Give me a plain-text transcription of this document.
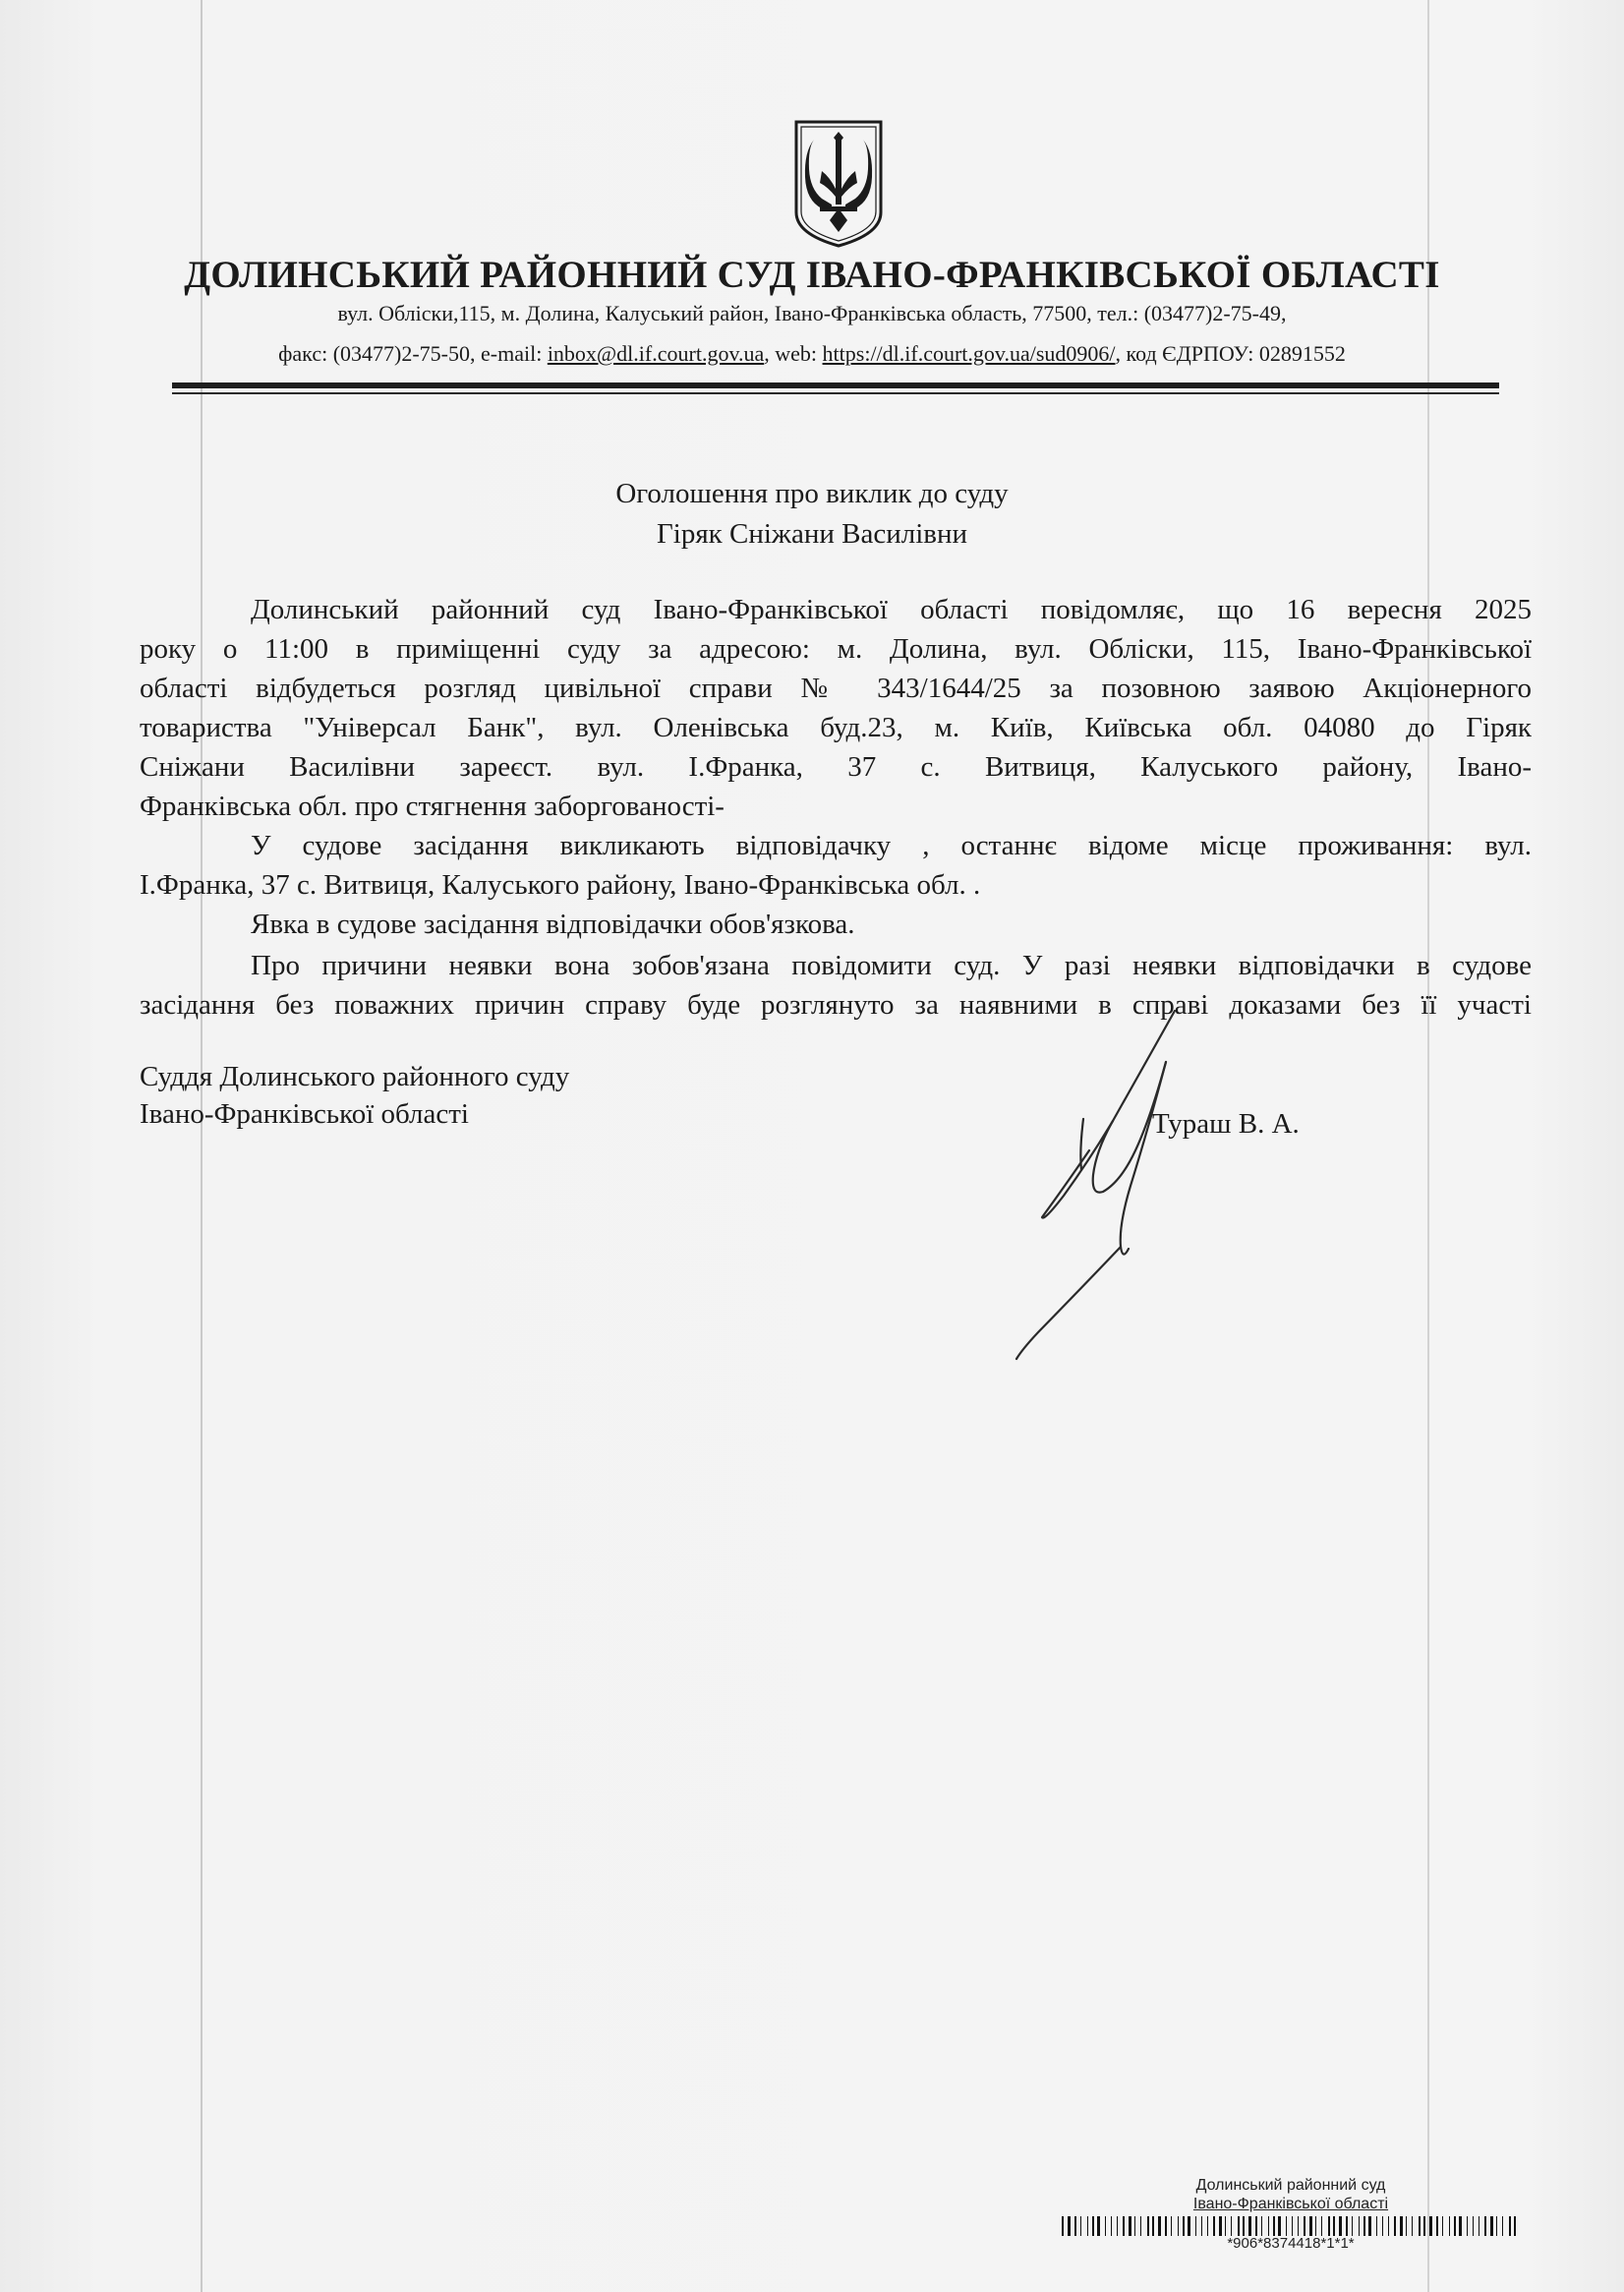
ДОЛИНСЬКИЙ РАЙОННИЙ СУД ІВАНО-ФРАНКІВСЬКОЇ ОБЛАСТІ
вул. Обліски,115, м. Долина, Калуський район, Івано-Франківська область, 77500, тел.: (03477)2-75-49,
факс: (03477)2-75-50, e-mail: inbox@dl.if.court.gov.ua, web: https://dl.if.court.gov.ua/sud0906/, код ЄДРПОУ: 02891552
Оголошення про виклик до суду
Гіряк Сніжани Василівни
Долинський районний суд Івано-Франківської області повідомляє, що 16 вересня 2025
року о 11:00 в приміщенні суду за адресою: м. Долина, вул. Обліски, 115, Івано-Франківської
області відбудеться розгляд цивільної справи № 343/1644/25 за позовною заявою Акціонерного
товариства "Універсал Банк", вул. Оленівська буд.23, м. Київ, Київська обл. 04080 до Гіряк
Сніжани Василівни зареєст. вул. І.Франка, 37 с. Витвиця, Калуського району, Івано-
Франківська обл. про стягнення заборгованості-
У судове засідання викликають відповідачку , останнє відоме місце проживання: вул.
І.Франка, 37 с. Витвиця, Калуського району, Івано-Франківська обл. .
Явка в судове засідання відповідачки обов'язкова.
Про причини неявки вона зобов'язана повідомити суд. У разі неявки відповідачки в судове
засідання без поважних причин справу буде розглянуто за наявними в справі доказами без її участі
Суддя Долинського районного суду
Івано-Франківської області	Тураш В. А.
Долинський районний суд
Івано-Франківської області
*906*8374418*1*1*
